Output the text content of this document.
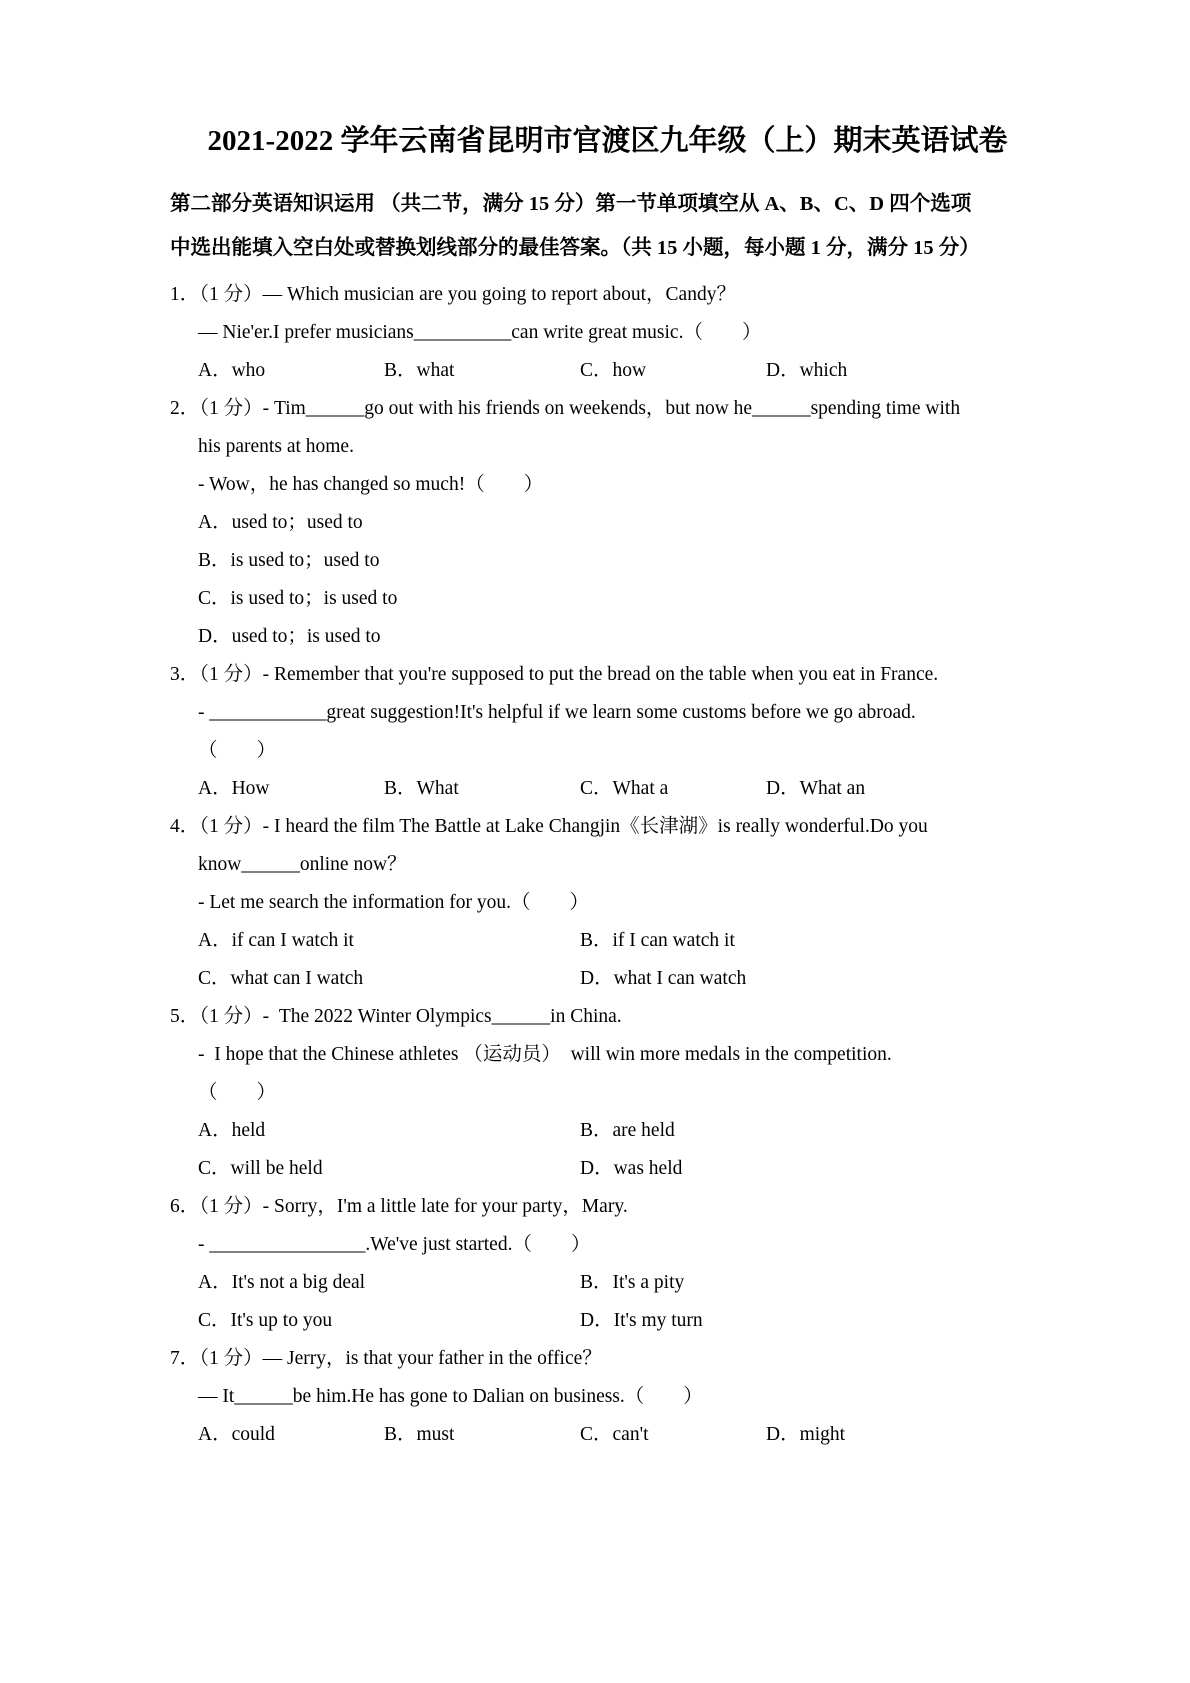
2021-2022 学年云南省昆明市官渡区九年级（上）期末英语试卷
第二部分英语知识运用 （共二节，满分 15 分）第一节单项填空从 A、B、C、D 四个选项
中选出能填入空白处或替换划线部分的最佳答案。（共 15 小题，每小题 1 分，满分 15 分）
1．（1 分）— Which musician are you going to report about，Candy？
— Nie'er.I prefer musicians__________can write great music.（　　）
A．who	B．what	C．how	D．which
2．（1 分）- Tim______go out with his friends on weekends，but now he______spending time with
his parents at home.
- Wow，he has changed so much!（　　）
A．used to；used to
B．is used to；used to
C．is used to；is used to
D．used to；is used to
3．（1 分）- Remember that you're supposed to put the bread on the table when you eat in France.
- ____________great suggestion!It's helpful if we learn some customs before we go abroad.
（　　）
A．How	B．What	C．What a	D．What an
4．（1 分）- I heard the film The Battle at Lake Changjin《长津湖》is really wonderful.Do you
know______online now？
- Let me search the information for you.（　　）
A．if can I watch it	B．if I can watch it
C．what can I watch	D．what I can watch
5．（1 分）-  The 2022 Winter Olympics______in China.
-  I hope that the Chinese athletes （运动员）  will win more medals in the competition.
（　　）
A．held	B．are held
C．will be held	D．was held
6．（1 分）- Sorry，I'm a little late for your party，Mary.
- ________________.We've just started.（　　）
A．It's not a big deal	B．It's a pity
C．It's up to you	D．It's my turn
7．（1 分）— Jerry，is that your father in the office？
— It______be him.He has gone to Dalian on business.（　　）
A．could	B．must	C．can't	D．might
